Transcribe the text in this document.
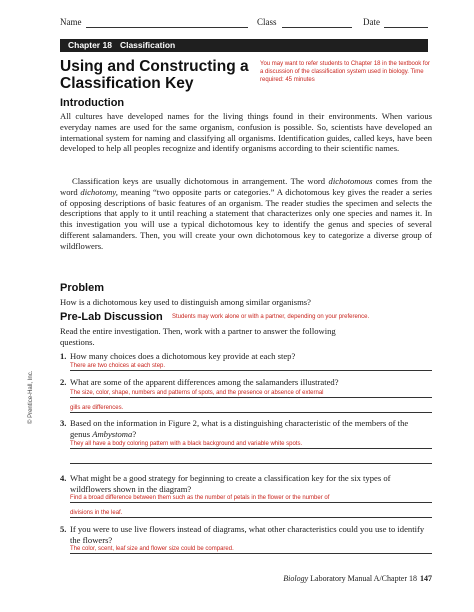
Name	Class	Date
Chapter 18 Classification
Using and Constructing a Classification Key
You may want to refer students to Chapter 18 in the textbook for a discussion of the classification system used in biology. Time required: 45 minutes
Introduction
All cultures have developed names for the living things found in their environments. When various everyday names are used for the same organism, confusion is possible. So, scientists have developed an international system for naming and classifying all organisms. Identification guides, called keys, have been developed to help all peoples recognize and identify organisms according to their scientific names.
Classification keys are usually dichotomous in arrangement. The word dichotomous comes from the word dichotomy, meaning “two opposite parts or categories.” A dichotomous key gives the reader a series of opposing descriptions of basic features of an organism. The reader studies the specimen and selects the descriptions that apply to it until reaching a statement that characterizes only one species and names it. In this investigation you will use a typical dichotomous key to identify the genus and species of several different salamanders. Then, you will create your own dichotomous key to categorize a diverse group of wildflowers.
Problem
How is a dichotomous key used to distinguish among similar organisms?
Pre-Lab Discussion Students may work alone or with a partner, depending on your preference.
Read the entire investigation. Then, work with a partner to answer the following questions.
1. How many choices does a dichotomous key provide at each step?
There are two choices at each step.
2. What are some of the apparent differences among the salamanders illustrated?
The size, color, shape, numbers and patterns of spots, and the presence or absence of external
gills are differences.
3. Based on the information in Figure 2, what is a distinguishing characteristic of the members of the genus Ambystoma?
They all have a body coloring pattern with a black background and variable white spots.
4. What might be a good strategy for beginning to create a classification key for the six types of wildflowers shown in the diagram?
Find a broad difference between them such as the number of petals in the flower or the number of
divisions in the leaf.
5. If you were to use live flowers instead of diagrams, what other characteristics could you use to identify the flowers?
The color, scent, leaf size and flower size could be compared.
© Prentice-Hall, Inc.
Biology Laboratory Manual A/Chapter 18 147
